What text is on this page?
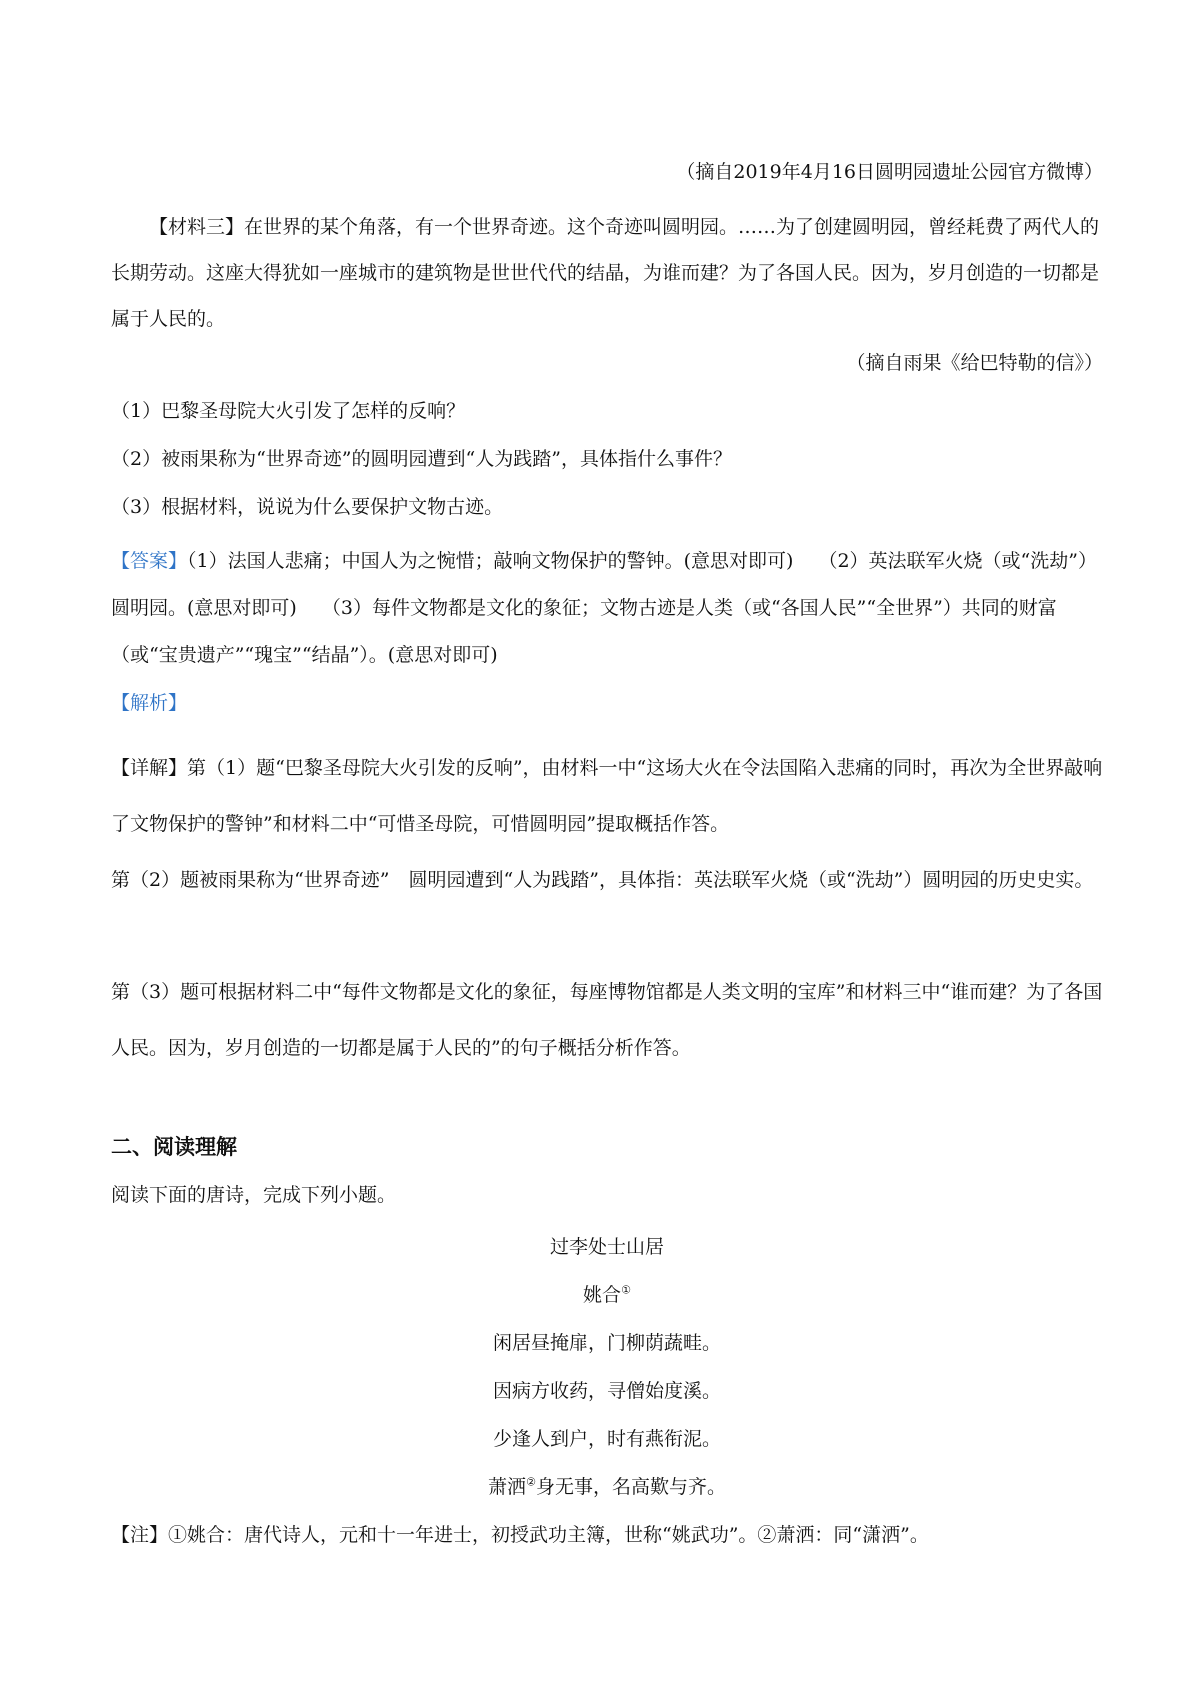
（摘自2019年4月16日圆明园遗址公园官方微博）
【材料三】在世界的某个角落，有一个世界奇迹。这个奇迹叫圆明园。……为了创建圆明园，曾经耗费了两代人的长期劳动。这座大得犹如一座城市的建筑物是世世代代的结晶，为谁而建？为了各国人民。因为，岁月创造的一切都是属于人民的。
（摘自雨果《给巴特勒的信》）
（1）巴黎圣母院大火引发了怎样的反响？
（2）被雨果称为“世界奇迹”的圆明园遭到“人为践踏”，具体指什么事件？
（3）根据材料，说说为什么要保护文物古迹。
【答案】（1）法国人悲痛；中国人为之惋惜；敲响文物保护的警钟。(意思对即可)　 （2）英法联军火烧（或“洗劫”）圆明园。(意思对即可)　 （3）每件文物都是文化的象征；文物古迹是人类（或“各国人民”“全世界”）共同的财富（或“宝贵遗产”“瑰宝”“结晶”）。(意思对即可)
【解析】
【详解】第（1）题“巴黎圣母院大火引发的反响”，由材料一中“这场大火在令法国陷入悲痛的同时，再次为全世界敲响了文物保护的警钟”和材料二中“可惜圣母院，可惜圆明园”提取概括作答。
第（2）题被雨果称为“世界奇迹”　圆明园遭到“人为践踏”，具体指：英法联军火烧（或“洗劫”）圆明园的历史史实。
第（3）题可根据材料二中“每件文物都是文化的象征，每座博物馆都是人类文明的宝库”和材料三中“谁而建？为了各国人民。因为，岁月创造的一切都是属于人民的”的句子概括分析作答。
二、阅读理解
阅读下面的唐诗，完成下列小题。
过李处士山居
姚合①
闲居昼掩扉，门柳荫蔬畦。
因病方收药，寻僧始度溪。
少逢人到户，时有燕衔泥。
萧洒②身无事，名高歎与齐。
【注】①姚合：唐代诗人，元和十一年进士，初授武功主簿，世称“姚武功”。②萧洒：同“潇洒”。
